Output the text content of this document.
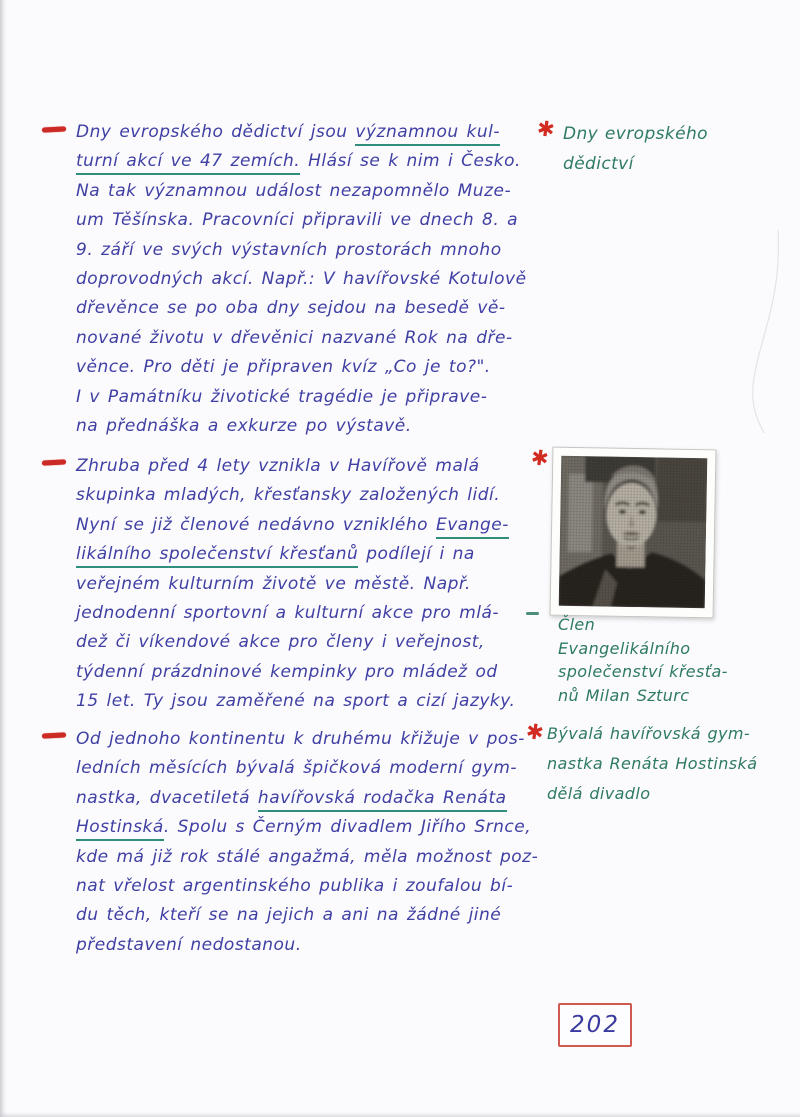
✱
✱
✱
Dny evropského dědictví jsou významnou kul-
turní akcí ve 47 zemích. Hlásí se k nim i Česko.
Na tak významnou událost nezapomnělo Muze-
um Těšínska. Pracovníci připravili ve dnech 8. a
9. září ve svých výstavních prostorách mnoho
doprovodných akcí. Např.: V havířovské Kotulově
dřevěnce se po oba dny sejdou na besedě vě-
nované životu v dřevěnici nazvané Rok na dře-
věnce. Pro děti je připraven kvíz „Co je to?".
I v Památníku životické tragédie je připrave-
na přednáška a exkurze po výstavě.
Zhruba před 4 lety vznikla v Havířově malá
skupinka mladých, křesťansky založených lidí.
Nyní se již členové nedávno vzniklého Evange-
likálního společenství křesťanů podílejí i na
veřejném kulturním životě ve městě. Např.
jednodenní sportovní a kulturní akce pro mlá-
dež či víkendové akce pro členy i veřejnost,
týdenní prázdninové kempinky pro mládež od
15 let. Ty jsou zaměřené na sport a cizí jazyky.
Od jednoho kontinentu k druhému křižuje v pos-
ledních měsících bývalá špičková moderní gym-
nastka, dvacetiletá havířovská rodačka Renáta
Hostinská. Spolu s Černým divadlem Jiřího Srnce,
kde má již rok stálé angažmá, měla možnost poz-
nat vřelost argentinského publika i zoufalou bí-
du těch, kteří se na jejich a ani na žádné jiné
představení nedostanou.
Dny evropského
dědictví
Člen
Evangelikálního
společenství křesťa-
nů Milan Szturc
Bývalá havířovská gym-
nastka Renáta Hostinská
dělá divadlo
202
